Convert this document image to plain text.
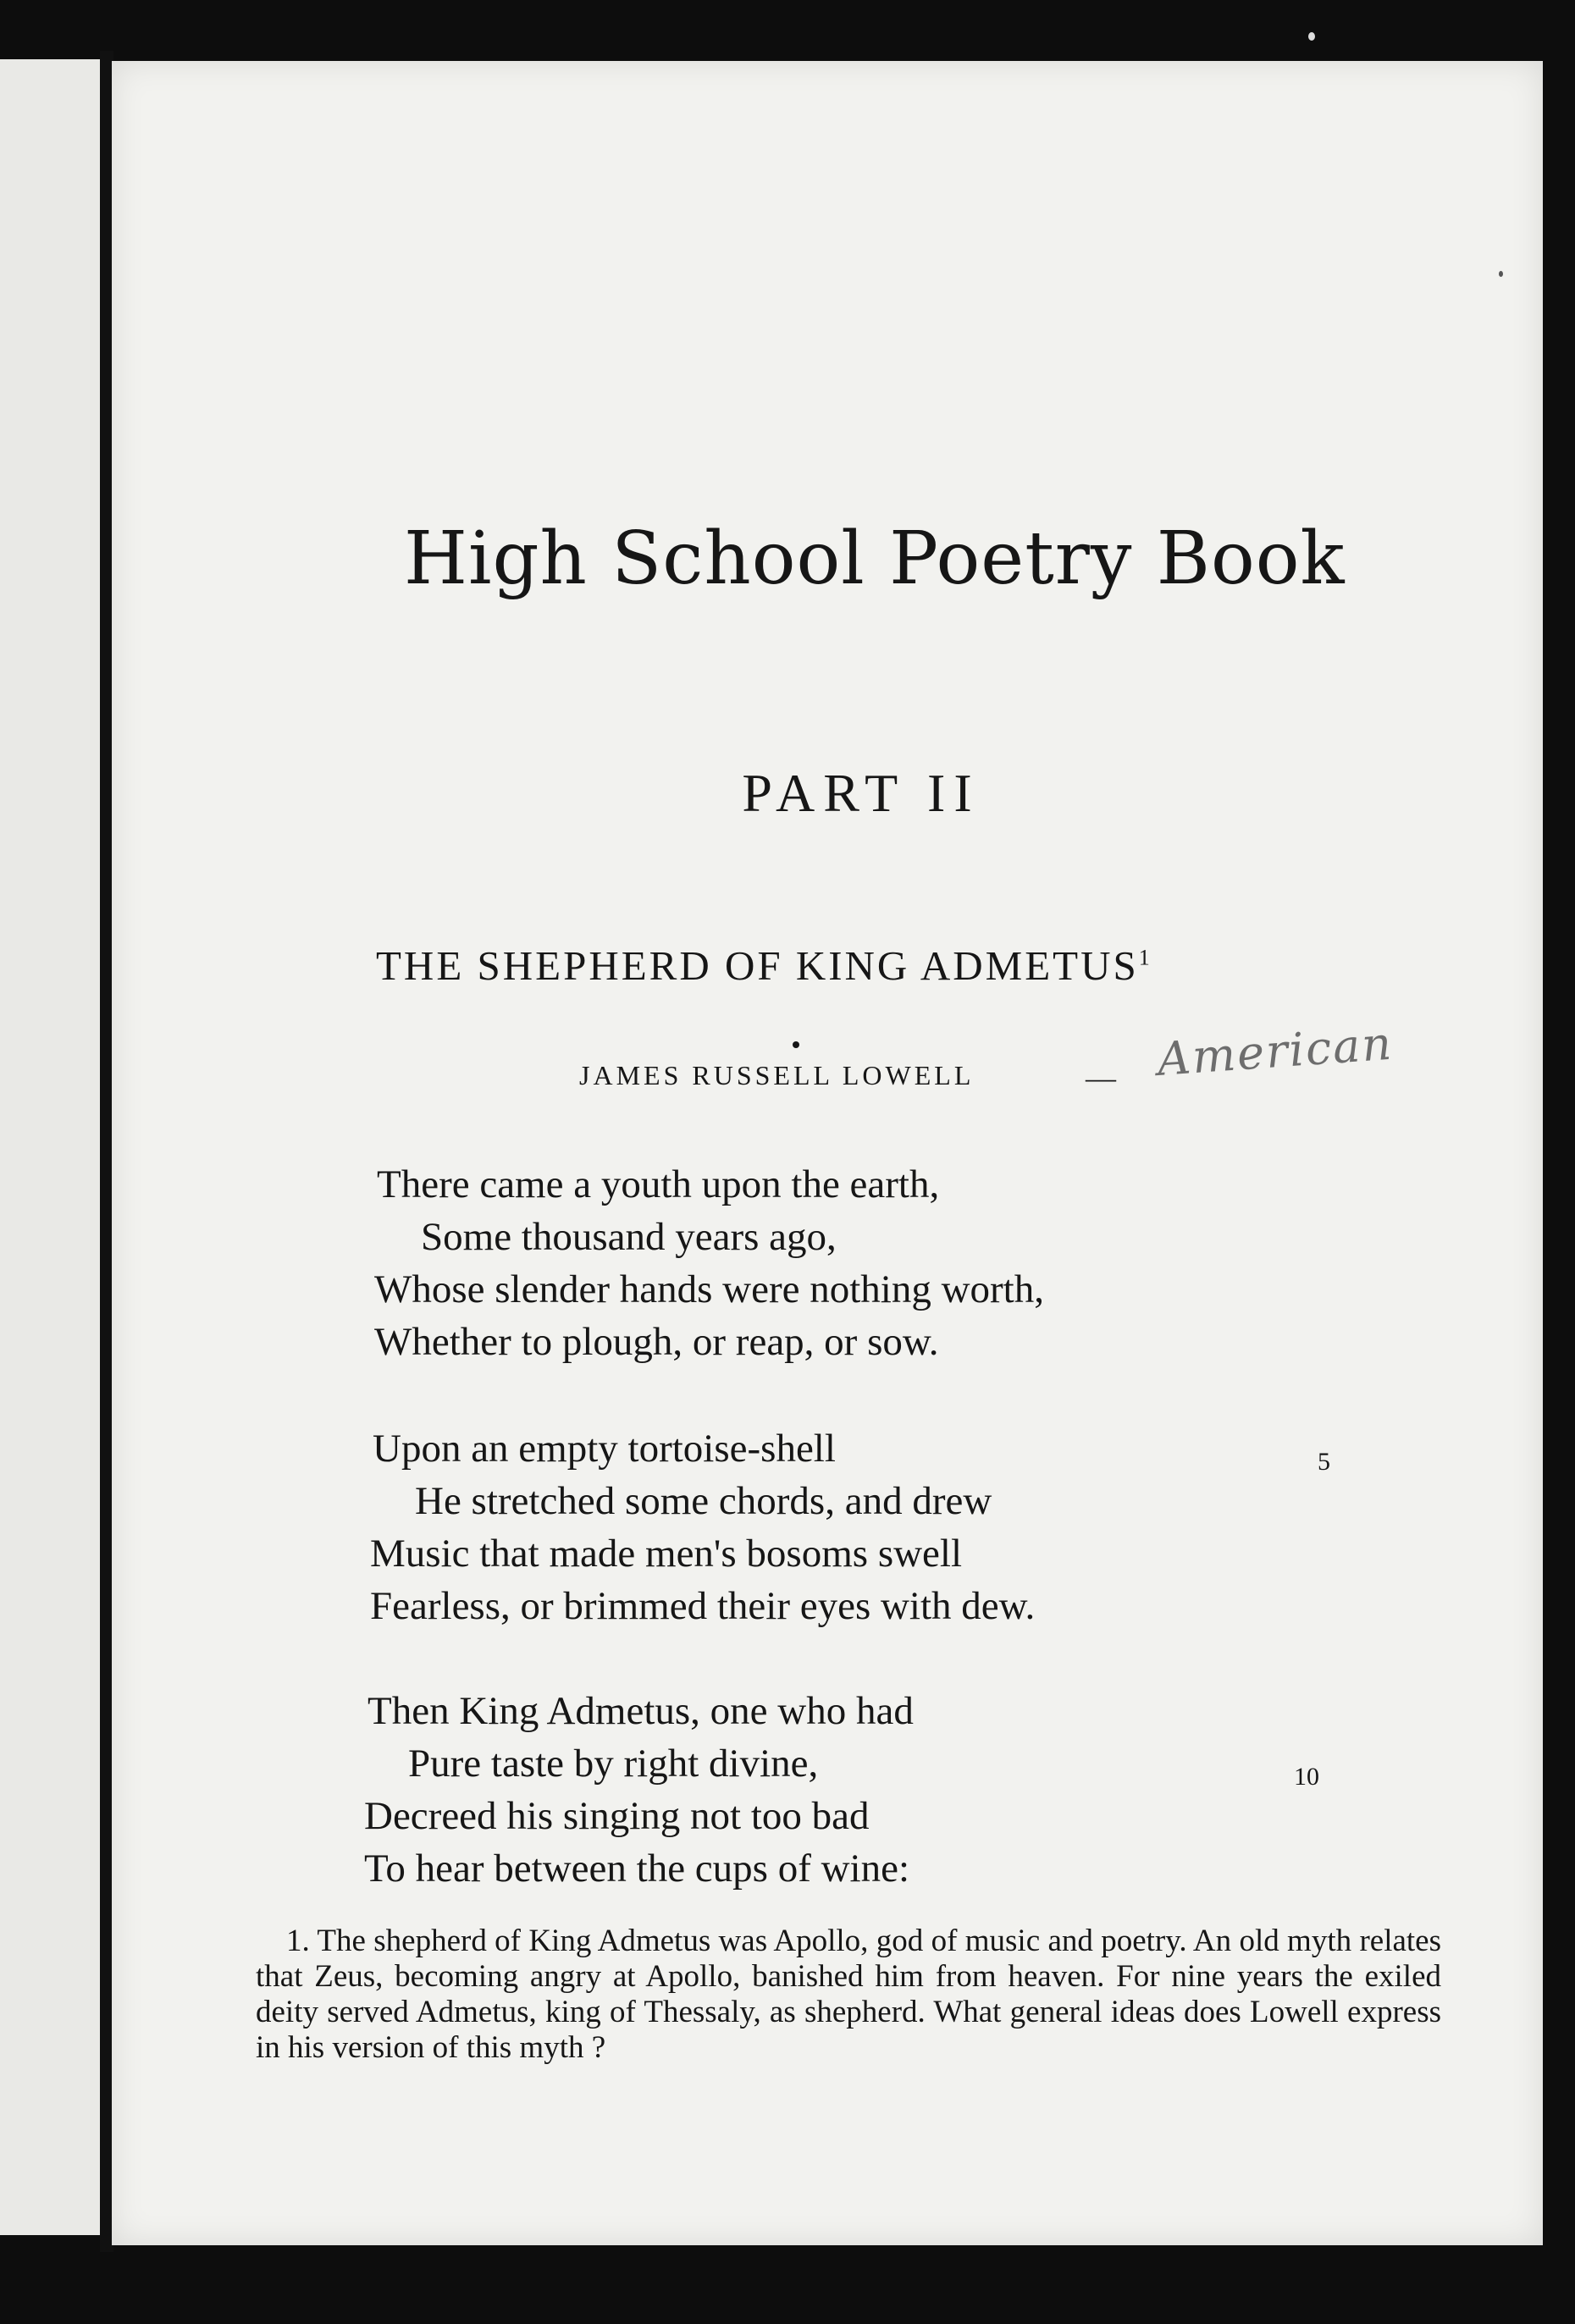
High School Poetry Book
PART II
THE SHEPHERD OF KING ADMETUS$^1$
JAMES RUSSELL LOWELL	— American
There came a youth upon the earth,
Some thousand years ago,
Whose slender hands were nothing worth,
Whether to plough, or reap, or sow.
Upon an empty tortoise-shell	5
He stretched some chords, and drew
Music that made men's bosoms swell
Fearless, or brimmed their eyes with dew.
Then King Admetus, one who had
Pure taste by right divine,	10
Decreed his singing not too bad
To hear between the cups of wine:
1. The shepherd of King Admetus was Apollo, god of music and poetry. An old myth relates that Zeus, becoming angry at Apollo, banished him from heaven. For nine years the exiled deity served Admetus, king of Thessaly, as shepherd. What general ideas does Lowell express in his version of this myth ?
